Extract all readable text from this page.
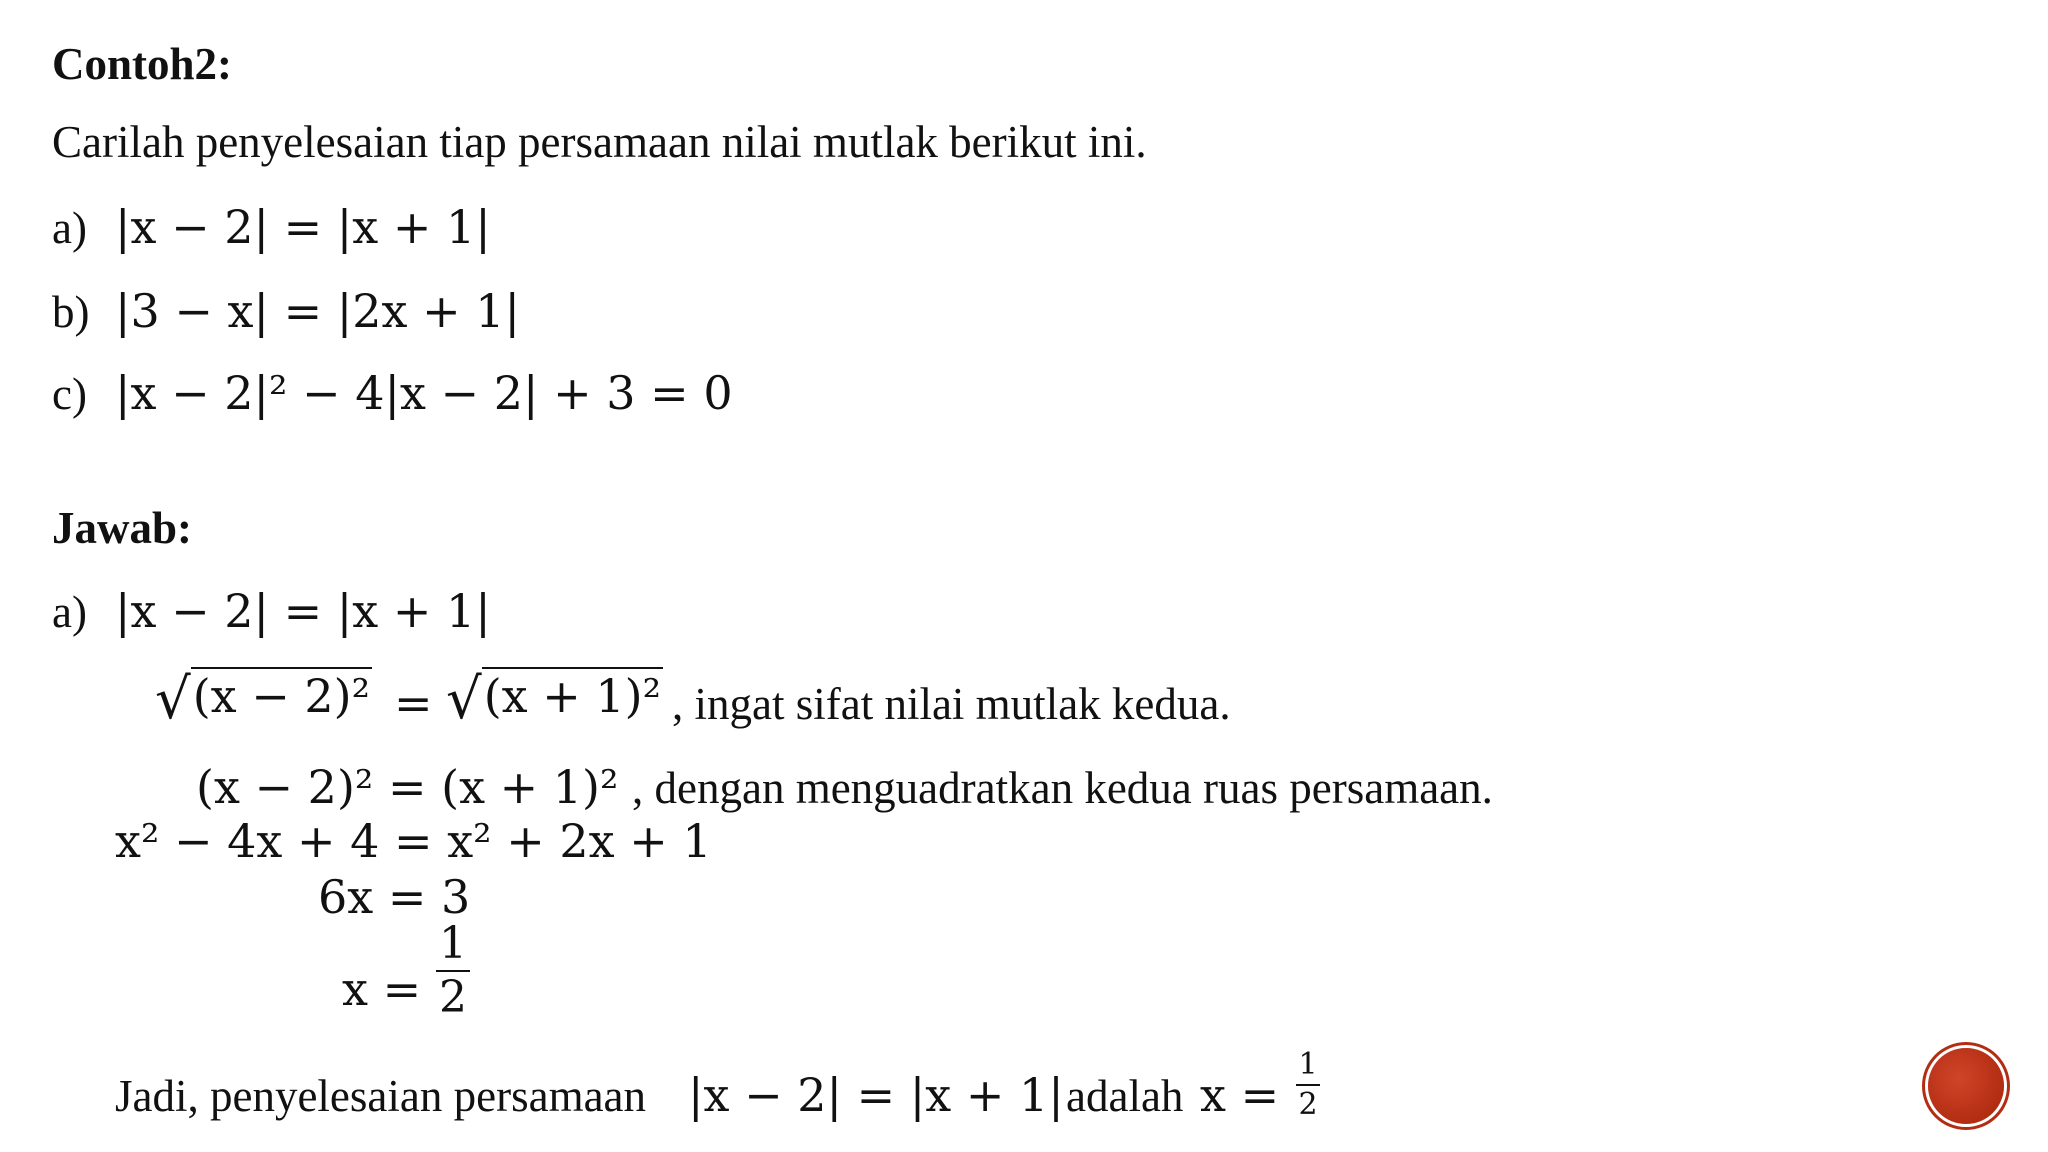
Contoh2:
Carilah penyelesaian tiap persamaan nilai mutlak berikut ini.
a) |x − 2| = |x + 1|
b) |3 − x| = |2x + 1|
c) |x − 2|² − 4|x − 2| + 3 = 0
Jawab:
a) |x − 2| = |x + 1|
√(x − 2)² = √(x + 1)² , ingat sifat nilai mutlak kedua.
(x − 2)² = (x + 1)² , dengan menguadratkan kedua ruas persamaan.
x² − 4x + 4 = x² + 2x + 1
6x = 3
x =
1
2
Jadi, penyelesaian persamaan |x − 2| = |x + 1| adalah x =
1
2
